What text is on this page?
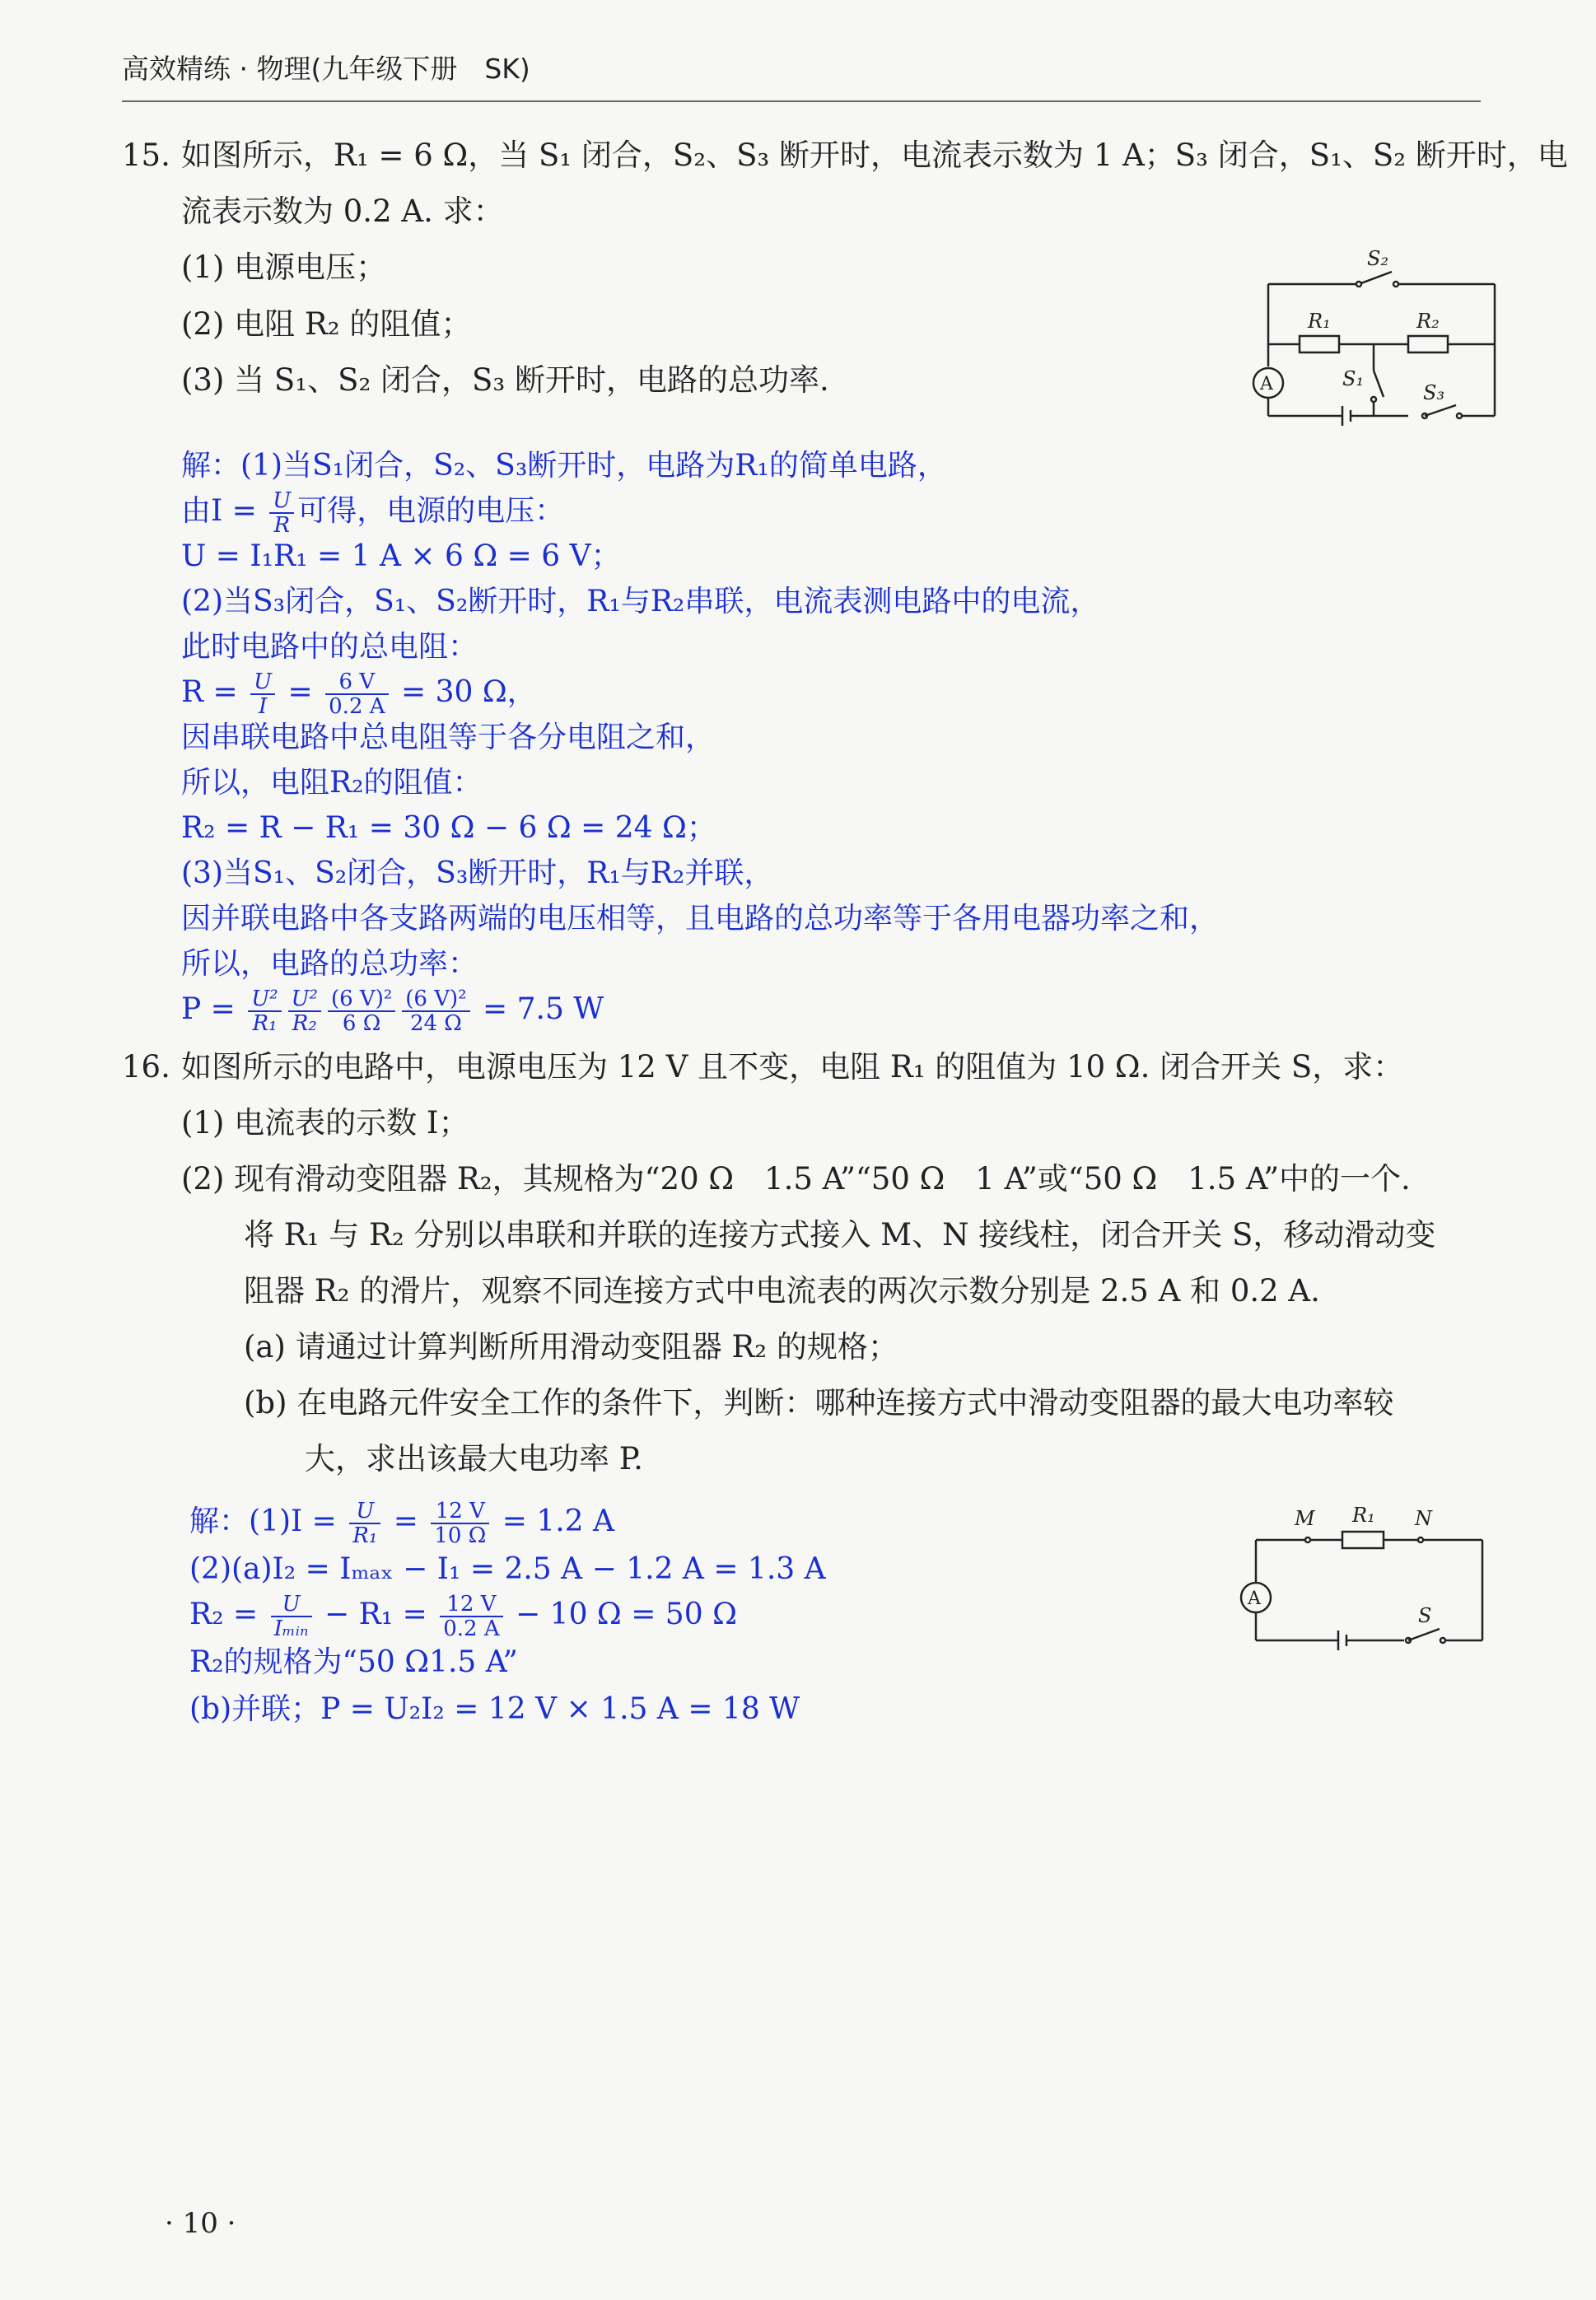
高效精练 · 物理(九年级下册　SK)
15. 如图所示，R₁ = 6 Ω，当 S₁ 闭合，S₂、S₃ 断开时，电流表示数为 1 A；S₃ 闭合，S₁、S₂ 断开时，电
流表示数为 0.2 A. 求：
(1) 电源电压；
(2) 电阻 R₂ 的阻值；
(3) 当 S₁、S₂ 闭合，S₃ 断开时，电路的总功率.
S₂
R₁	R₂
A	S₁
S₃
解：(1)当S₁闭合，S₂、S₃断开时，电路为R₁的简单电路，
由$I = \frac{U}{R}$ 可得，电源的电压：
U = I₁R₁ = 1 A × 6 Ω = 6 V；
(2)当S₃闭合，S₁、S₂断开时，R₁与R₂串联，电流表测电路中的电流，
此时电路中的总电阻：
$R = \frac{U}{I} = \frac{6 V}{0.2 A} = 30$ Ω，
因串联电路中总电阻等于各分电阻之和，
所以，电阻R₂的阻值：
R₂ = R − R₁ = 30 Ω − 6 Ω = 24 Ω；
(3)当S₁、S₂闭合，S₃断开时，R₁与R₂并联，
因并联电路中各支路两端的电压相等，且电路的总功率等于各用电器功率之和，
所以，电路的总功率：
$P = \frac{\text{U²}}{\text{R₁}} \frac{\text{U²}}{\text{R₂}} \frac{\text{(6 V)²}}{6 \Omega} \frac{\text{(6 V)²}}{24 \Omega} = 7.5$ W
16. 如图所示的电路中，电源电压为 12 V 且不变，电阻 R₁ 的阻值为 10 Ω. 闭合开关 S，求：
(1) 电流表的示数 I；
(2) 现有滑动变阻器 R₂，其规格为“20 Ω　1.5 A”“50 Ω　1 A”或“50 Ω　1.5 A”中的一个.
将 R₁ 与 R₂ 分别以串联和并联的连接方式接入 M、N 接线柱，闭合开关 S，移动滑动变
阻器 R₂ 的滑片，观察不同连接方式中电流表的两次示数分别是 2.5 A 和 0.2 A.
(a) 请通过计算判断所用滑动变阻器 R₂ 的规格；
(b) 在电路元件安全工作的条件下，判断：哪种连接方式中滑动变阻器的最大电功率较
大，求出该最大电功率 P.
M R₁ N
A
S
解：$(1)I = \frac{U}{\text{R₁}} = \frac{12 V}{10 \Omega} = 1.2$ A
(2)(a)I₂ = Iₘₐₓ − I₁ = 2.5 A − 1.2 A = 1.3 A
$R_2 = \frac{U}{\text{Iₘᵢₙ}} - R_1 = \frac{12 V}{0.2 A} - 10$ Ω = 50 Ω
R₂的规格为“50 Ω1.5 A”
(b)并联；P = U₂I₂ = 12 V × 1.5 A = 18 W
· 10 ·
